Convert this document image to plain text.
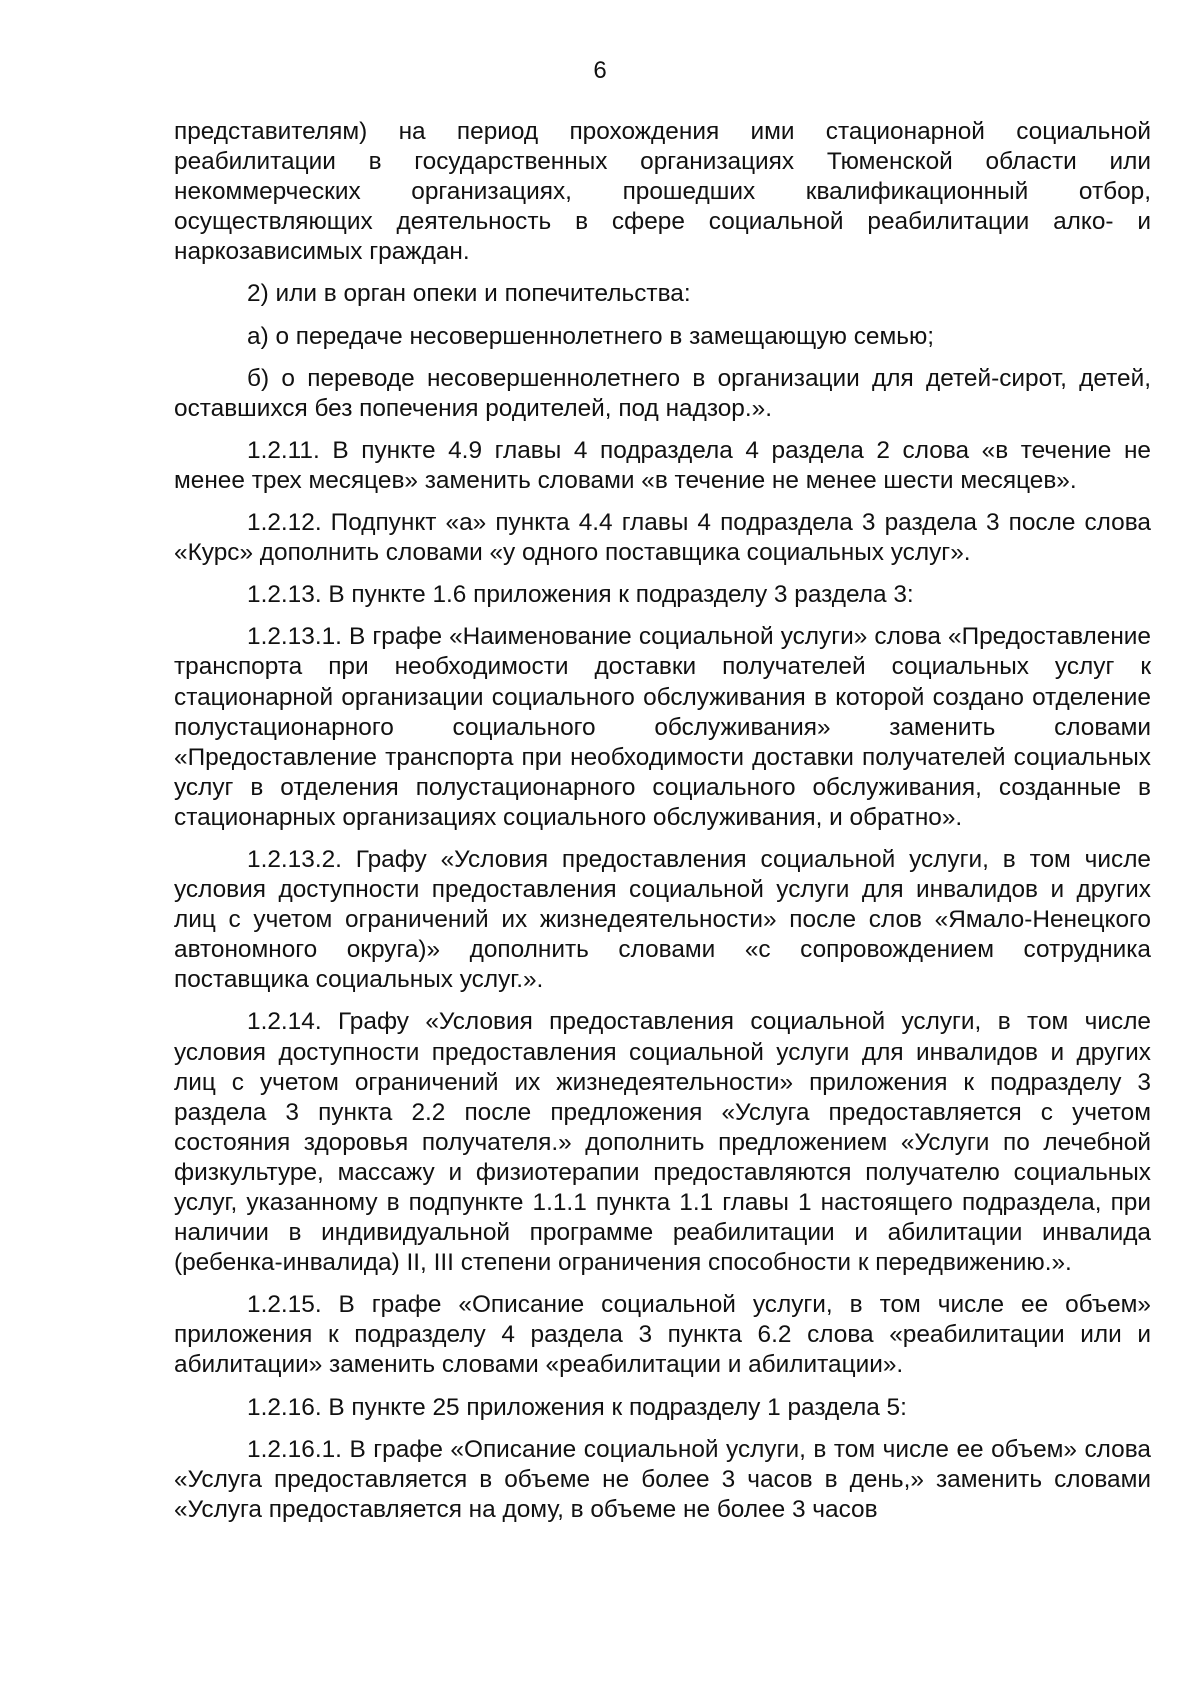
6

представителям) на период прохождения ими стационарной социальной реабилитации в государственных организациях Тюменской области или некоммерческих организациях, прошедших квалификационный отбор, осуществляющих деятельность в сфере социальной реабилитации алко- и наркозависимых граждан.

2) или в орган опеки и попечительства:

а) о передаче несовершеннолетнего в замещающую семью;

б) о переводе несовершеннолетнего в организации для детей-сирот, детей, оставшихся без попечения родителей, под надзор.».

1.2.11. В пункте 4.9 главы 4 подраздела 4 раздела 2 слова «в течение не менее трех месяцев» заменить словами «в течение не менее шести месяцев».

1.2.12. Подпункт «а» пункта 4.4 главы 4 подраздела 3 раздела 3 после слова «Курс» дополнить словами «у одного поставщика социальных услуг».

1.2.13. В пункте 1.6 приложения к подразделу 3 раздела 3:

1.2.13.1. В графе «Наименование социальной услуги» слова «Предоставление транспорта при необходимости доставки получателей социальных услуг к стационарной организации социального обслуживания в которой создано отделение полустационарного социального обслуживания» заменить словами «Предоставление транспорта при необходимости доставки получателей социальных услуг в отделения полустационарного социального обслуживания, созданные в стационарных организациях социального обслуживания, и обратно».

1.2.13.2. Графу «Условия предоставления социальной услуги, в том числе условия доступности предоставления социальной услуги для инвалидов и других лиц с учетом ограничений их жизнедеятельности» после слов «Ямало-Ненецкого автономного округа)» дополнить словами «с сопровождением сотрудника поставщика социальных услуг.».

1.2.14. Графу «Условия предоставления социальной услуги, в том числе условия доступности предоставления социальной услуги для инвалидов и других лиц с учетом ограничений их жизнедеятельности» приложения к подразделу 3 раздела 3 пункта 2.2 после предложения «Услуга предоставляется с учетом состояния здоровья получателя.» дополнить предложением «Услуги по лечебной физкультуре, массажу и физиотерапии предоставляются получателю социальных услуг, указанному в подпункте 1.1.1 пункта 1.1 главы 1 настоящего подраздела, при наличии в индивидуальной программе реабилитации и абилитации инвалида (ребенка-инвалида) II, III степени ограничения способности к передвижению.».

1.2.15. В графе «Описание социальной услуги, в том числе ее объем» приложения к подразделу 4 раздела 3 пункта 6.2 слова «реабилитации или и абилитации» заменить словами «реабилитации и абилитации».

1.2.16. В пункте 25 приложения к подразделу 1 раздела 5:

1.2.16.1. В графе «Описание социальной услуги, в том числе ее объем» слова «Услуга предоставляется в объеме не более 3 часов в день,» заменить словами «Услуга предоставляется на дому, в объеме не более 3 часов
